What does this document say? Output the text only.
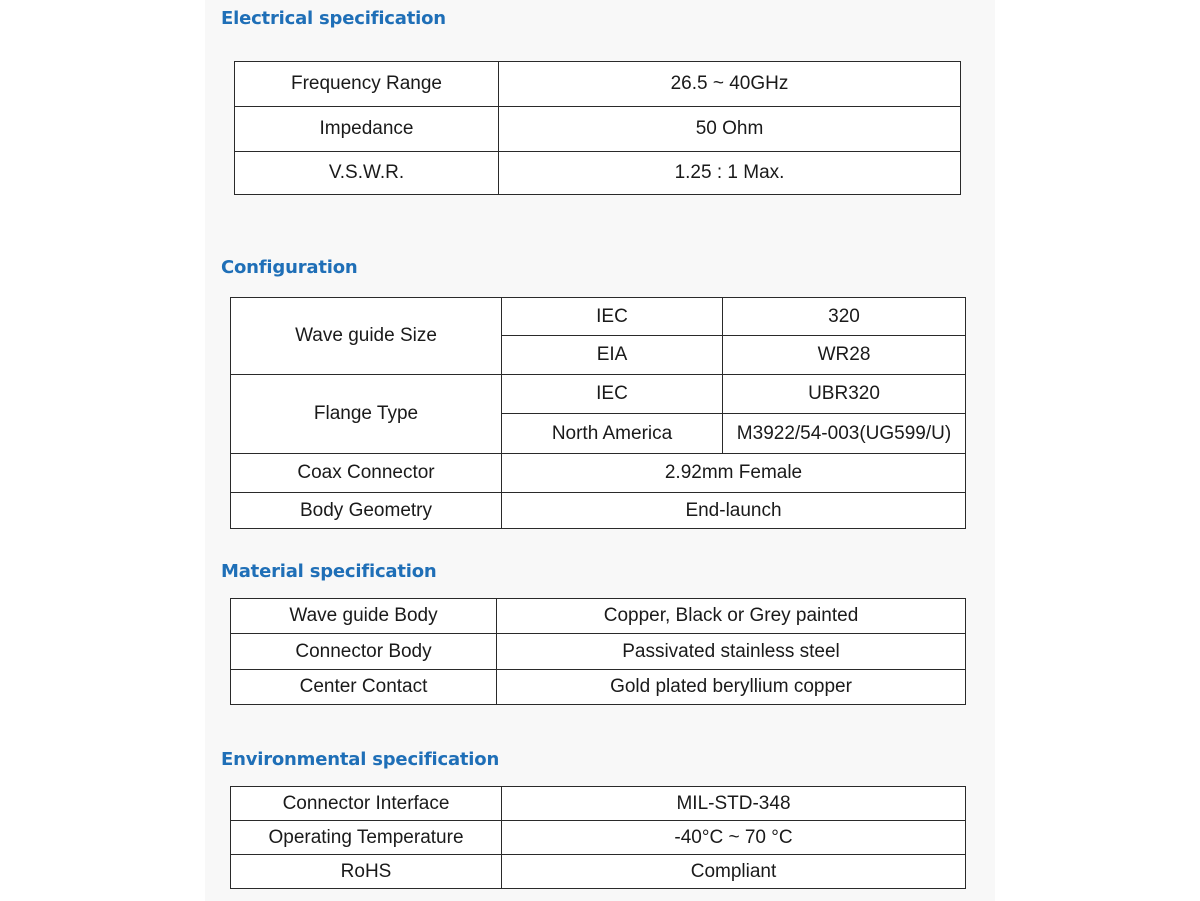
Electrical specification
Frequency Range	26.5 ~ 40GHz
Impedance	50 Ohm
V.S.W.R.	1.25 : 1 Max.
Configuration
Wave guide Size	IEC	320
	EIA	WR28
Flange Type	IEC	UBR320
	North America	M3922/54-003(UG599/U)
Coax Connector	2.92mm Female	
Body Geometry	End-launch	
Material specification
Wave guide Body	Copper, Black or Grey painted
Connector Body	Passivated stainless steel
Center Contact	Gold plated beryllium copper
Environmental specification
Connector Interface	MIL-STD-348
Operating Temperature	-40°C ~ 70 °C
RoHS	Compliant
